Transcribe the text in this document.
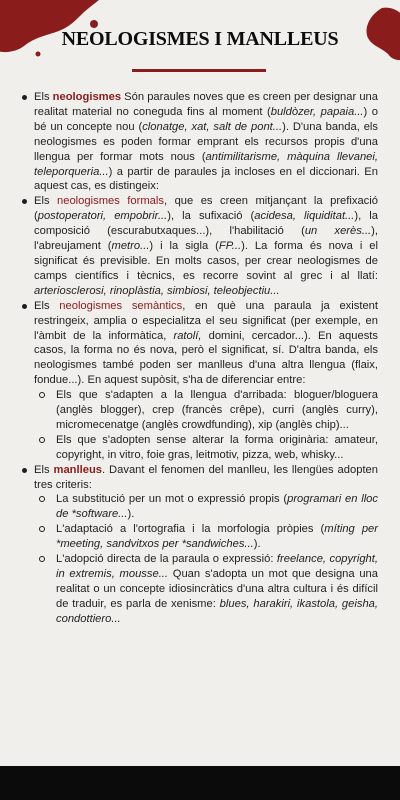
NEOLOGISMES I MANLLEUS
Els neologismes Són paraules noves que es creen per designar una realitat material no coneguda fins al moment (buldòzer, papaia...) o bé un concepte nou (clonatge, xat, salt de pont...). D'una banda, els neologismes es poden formar emprant els recursos propis d'una llengua per formar mots nous (antimilitarisme, màquina llevanei, teleporqueria...) a partir de paraules ja incloses en el diccionari. En aquest cas, es distingeix:
Els neologismes formals, que es creen mitjançant la prefixació (postoperatori, empobrir...), la sufixació (acidesa, liquiditat...), la composició (escurabutxaques...), l'habilitació (un xerès...), l'abreujament (metro...) i la sigla (FP...). La forma és nova i el significat és previsible. En molts casos, per crear neologismes de camps científics i tècnics, es recorre sovint al grec i al llatí: arteriosclerosi, rinoplàstia, simbiosi, teleobjectiu...
Els neologismes semàntics, en què una paraula ja existent restringeix, amplia o especialitza el seu significat (per exemple, en l'àmbit de la informàtica, ratolí, domini, cercador...). En aquests casos, la forma no és nova, però el significat, sí. D'altra banda, els neologismes també poden ser manlleus d'una altra llengua (flaix, fondue...). En aquest supòsit, s'ha de diferenciar entre:
Els que s'adapten a la llengua d'arribada: bloguer/bloguera (anglès blogger), crep (francès crêpe), curri (anglès curry), micromecenatge (anglès crowdfunding), xip (anglès chip)...
Els que s'adopten sense alterar la forma originària: amateur, copyright, in vitro, foie gras, leitmotiv, pizza, web, whisky...
Els manlleus. Davant el fenomen del manlleu, les llengües adopten tres criteris:
La substitució per un mot o expressió propis (programari en lloc de *software...).
L'adaptació a l'ortografia i la morfologia pròpies (míting per *meeting, sandvitxos per *sandwiches...).
L'adopció directa de la paraula o expressió: freelance, copyright, in extremis, mousse... Quan s'adopta un mot que designa una realitat o un concepte idiosincràtics d'una altra cultura i és difícil de traduir, es parla de xenisme: blues, harakiri, ikastola, geisha, condottiero...
